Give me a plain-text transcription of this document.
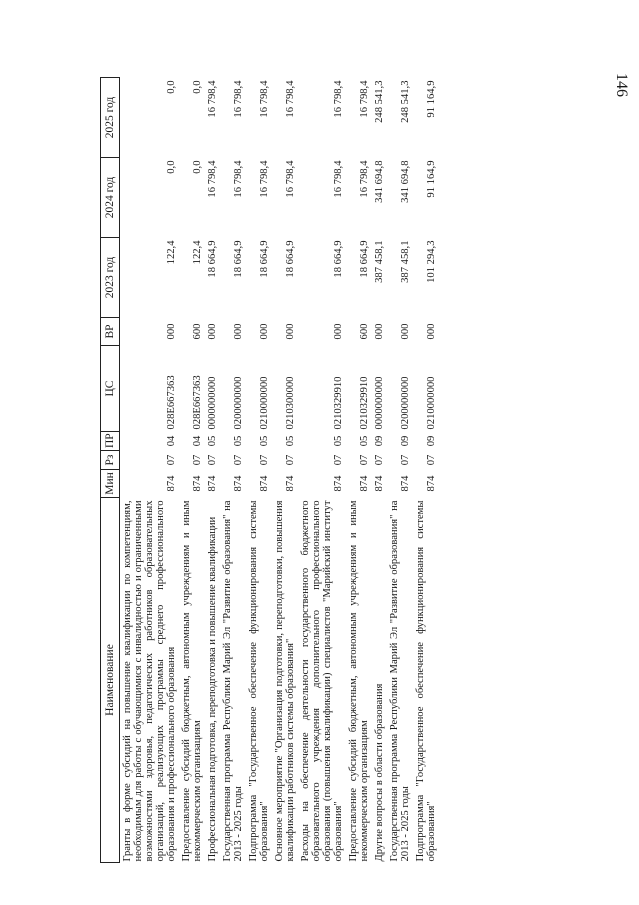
146
Наименование	Мин	Рз	ПР	ЦС	ВР	2023 год	2024 год	2025 год
Гранты в форме субсидий на повышение квалификации по компетенциям, необходимым для работы с обучающимися с инвалидностью и ограниченными возможностями здоровья, педагогических работников образовательных организаций, реализующих программы среднего профессионального образования и профессионального образования	874	07	04	028Е667363	000	122,4	0,0	0,0
Предоставление субсидий бюджетным, автономным учреждениям и иным некоммерческим организациям	874	07	04	028Е667363	600	122,4	0,0	0,0
Профессиональная подготовка, переподготовка и повышение квалификации	874	07	05	0000000000	000	18 664,9	16 798,4	16 798,4
Государственная программа Республики Марий Эл "Развитие образования" на 2013 - 2025 годы	874	07	05	0200000000	000	18 664,9	16 798,4	16 798,4
Подпрограмма "Государственное обеспечение функционирования системы образования"	874	07	05	0210000000	000	18 664,9	16 798,4	16 798,4
Основное мероприятие "Организация подготовки, переподготовки, повышения квалификации работников системы образования"	874	07	05	0210300000	000	18 664,9	16 798,4	16 798,4
Расходы на обеспечение деятельности государственного бюджетного образовательного учреждения дополнительного профессионального образования (повышения квалификации) специалистов "Марийский институт образования"	874	07	05	0210329910	000	18 664,9	16 798,4	16 798,4
Предоставление субсидий бюджетным, автономным учреждениям и иным некоммерческим организациям	874	07	05	0210329910	600	18 664,9	16 798,4	16 798,4
Другие вопросы в области образования	874	07	09	0000000000	000	387 458,1	341 694,8	248 541,3
Государственная программа Республики Марий Эл "Развитие образования" на 2013 - 2025 годы	874	07	09	0200000000	000	387 458,1	341 694,8	248 541,3
Подпрограмма "Государственное обеспечение функционирования системы образования"	874	07	09	0210000000	000	101 294,3	91 164,9	91 164,9
